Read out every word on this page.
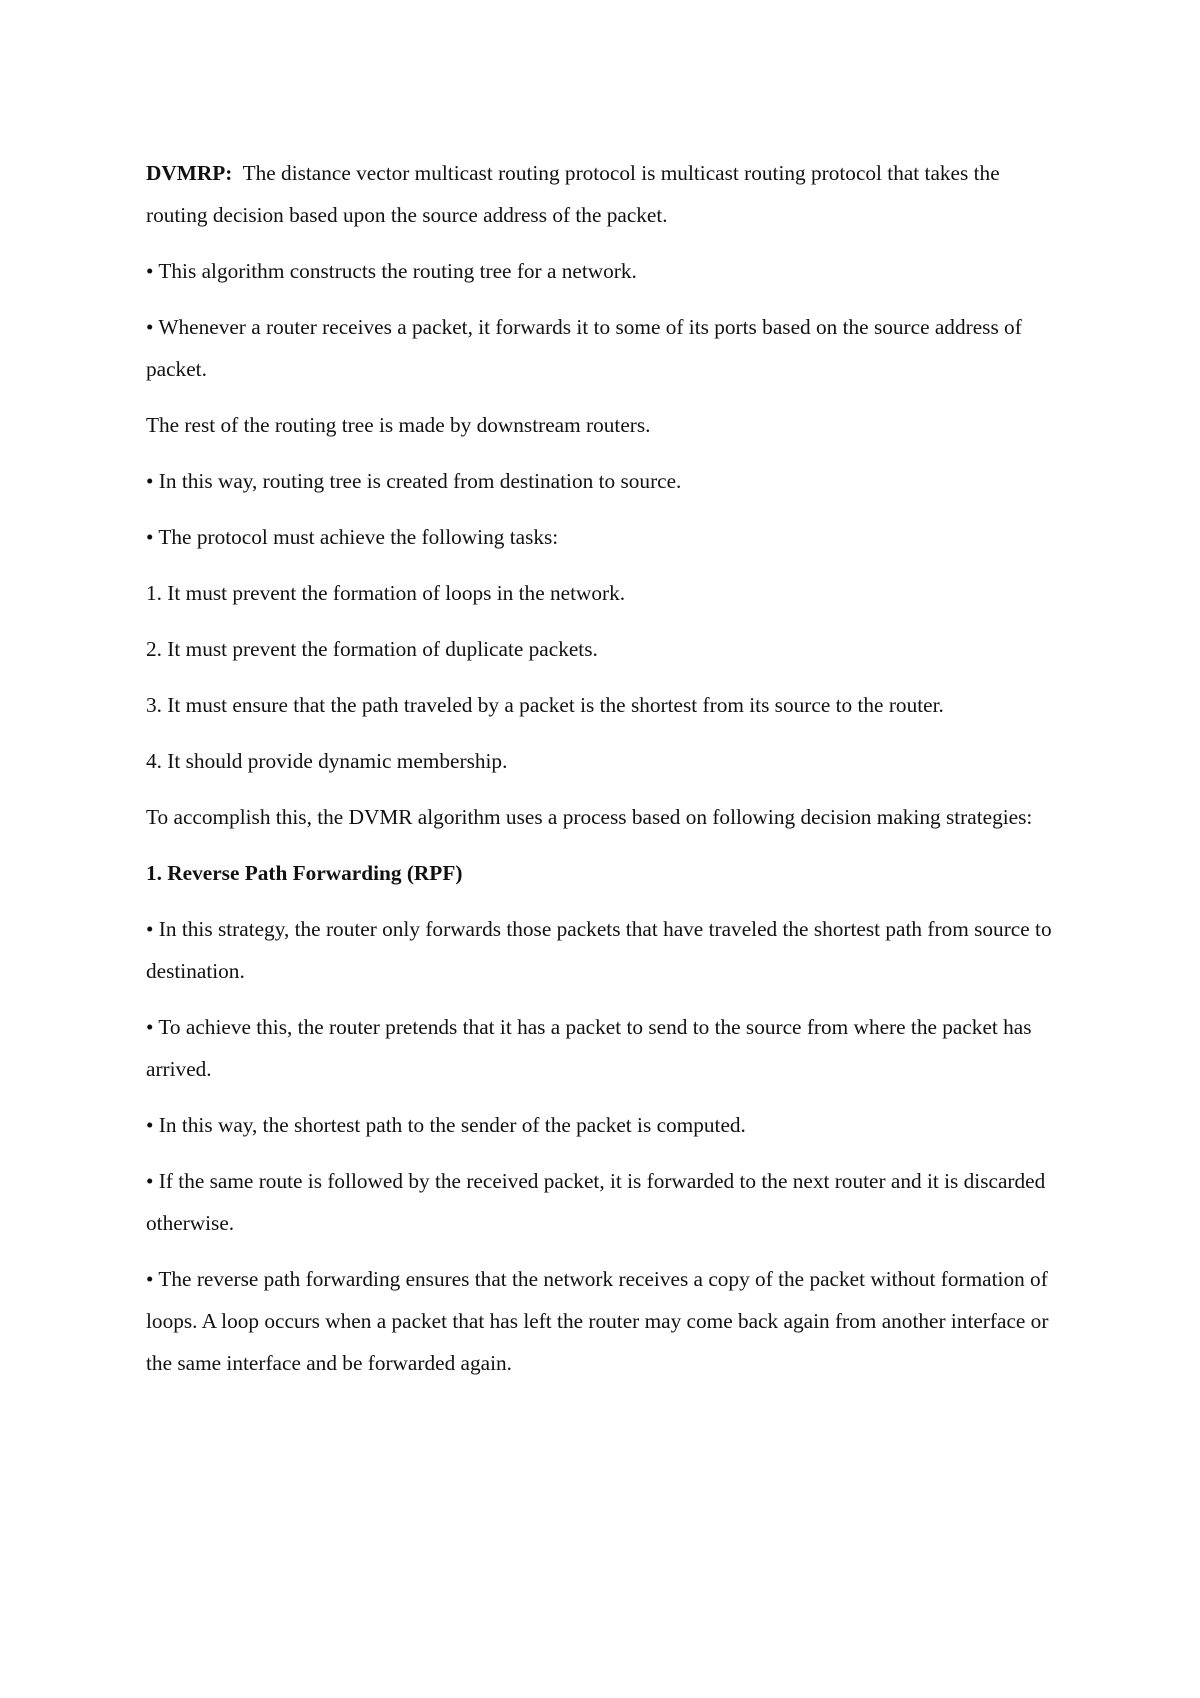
DVMRP:  The distance vector multicast routing protocol is multicast routing protocol that takes the routing decision based upon the source address of the packet.

• This algorithm constructs the routing tree for a network.

• Whenever a router receives a packet, it forwards it to some of its ports based on the source address of packet.

The rest of the routing tree is made by downstream routers.

• In this way, routing tree is created from destination to source.

• The protocol must achieve the following tasks:

1. It must prevent the formation of loops in the network.

2. It must prevent the formation of duplicate packets.

3. It must ensure that the path traveled by a packet is the shortest from its source to the router.

4. It should provide dynamic membership.

To accomplish this, the DVMR algorithm uses a process based on following decision making strategies:

1. Reverse Path Forwarding (RPF)

• In this strategy, the router only forwards those packets that have traveled the shortest path from source to destination.

• To achieve this, the router pretends that it has a packet to send to the source from where the packet has arrived.

• In this way, the shortest path to the sender of the packet is computed.

• If the same route is followed by the received packet, it is forwarded to the next router and it is discarded otherwise.

• The reverse path forwarding ensures that the network receives a copy of the packet without formation of loops. A loop occurs when a packet that has left the router may come back again from another interface or the same interface and be forwarded again.
